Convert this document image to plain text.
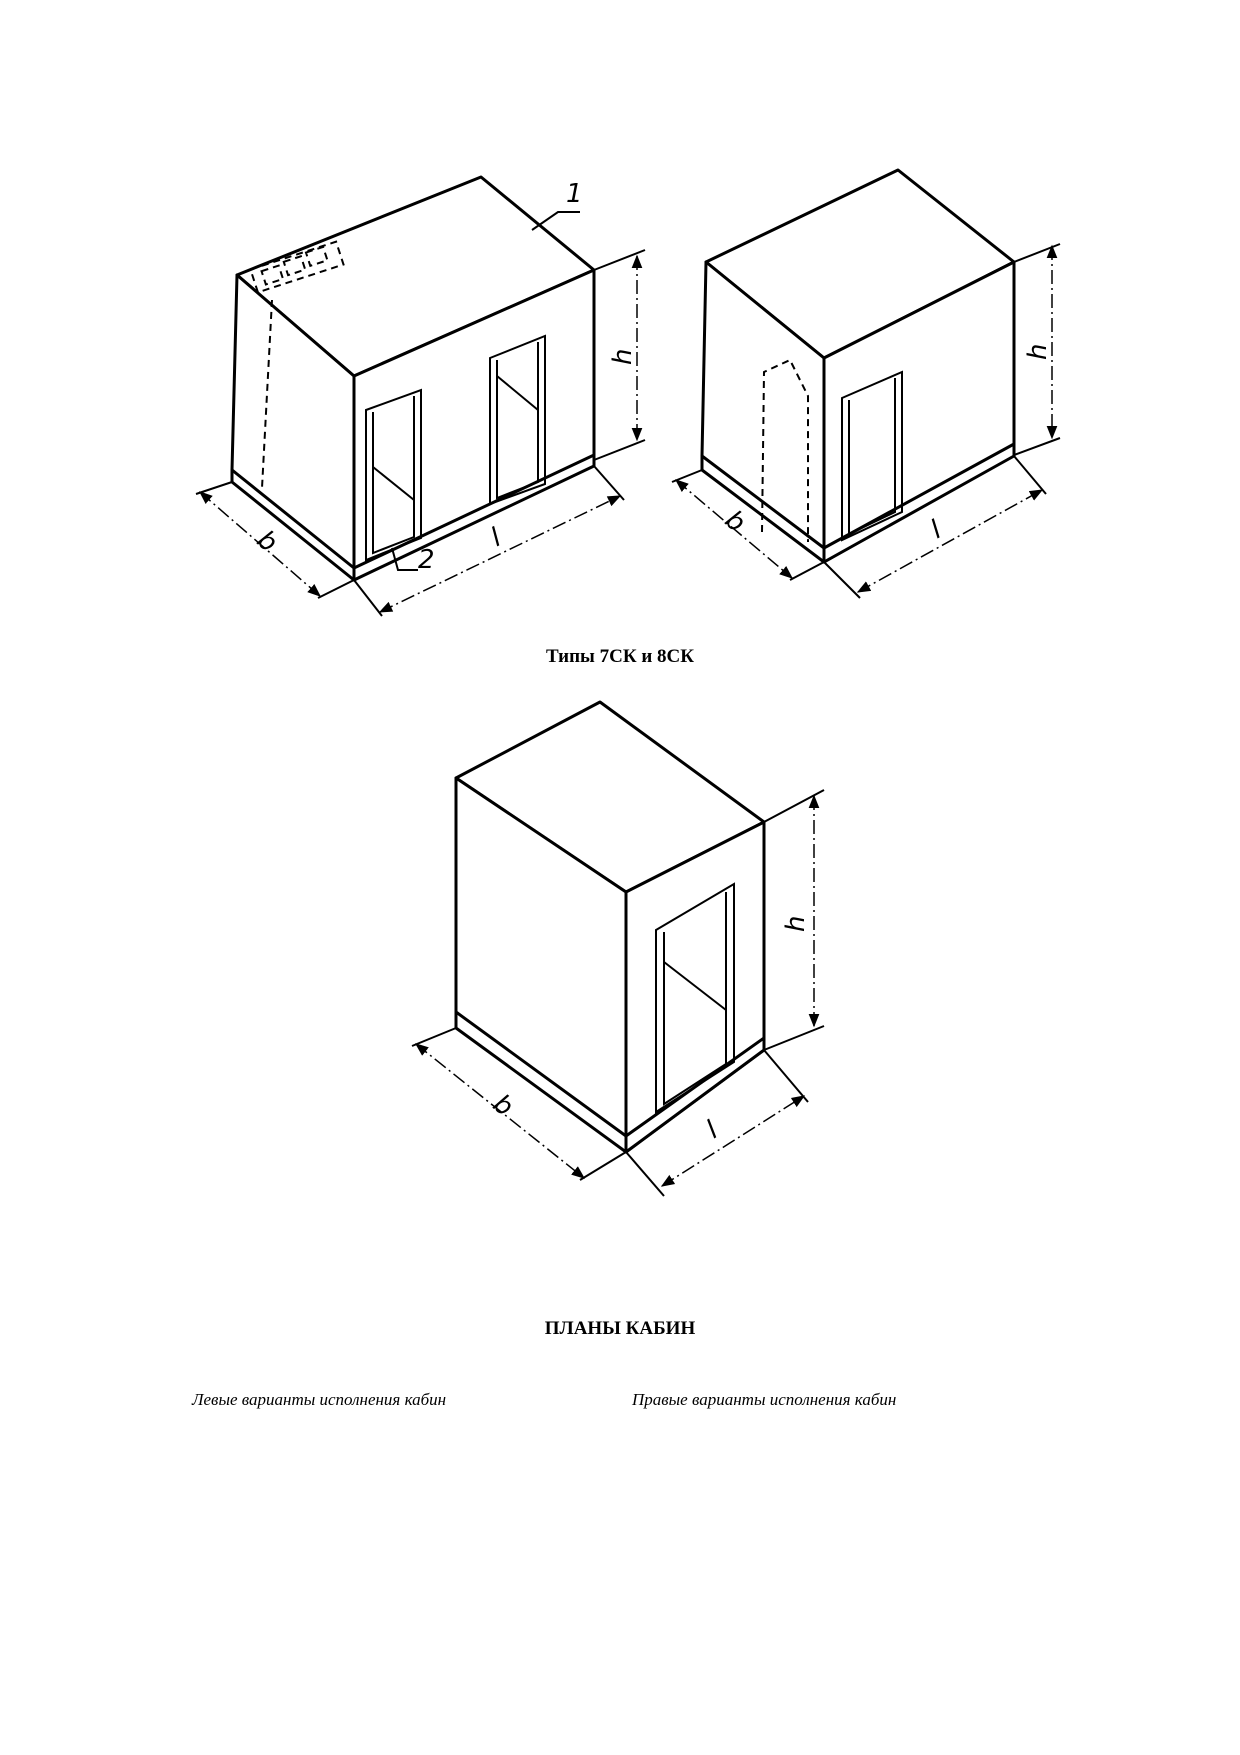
1
2
h
b	l
h
b	l
h
b
l
Типы 7СК и 8СК
ПЛАНЫ КАБИН
Левые варианты исполнения кабин	Правые варианты исполнения кабин
